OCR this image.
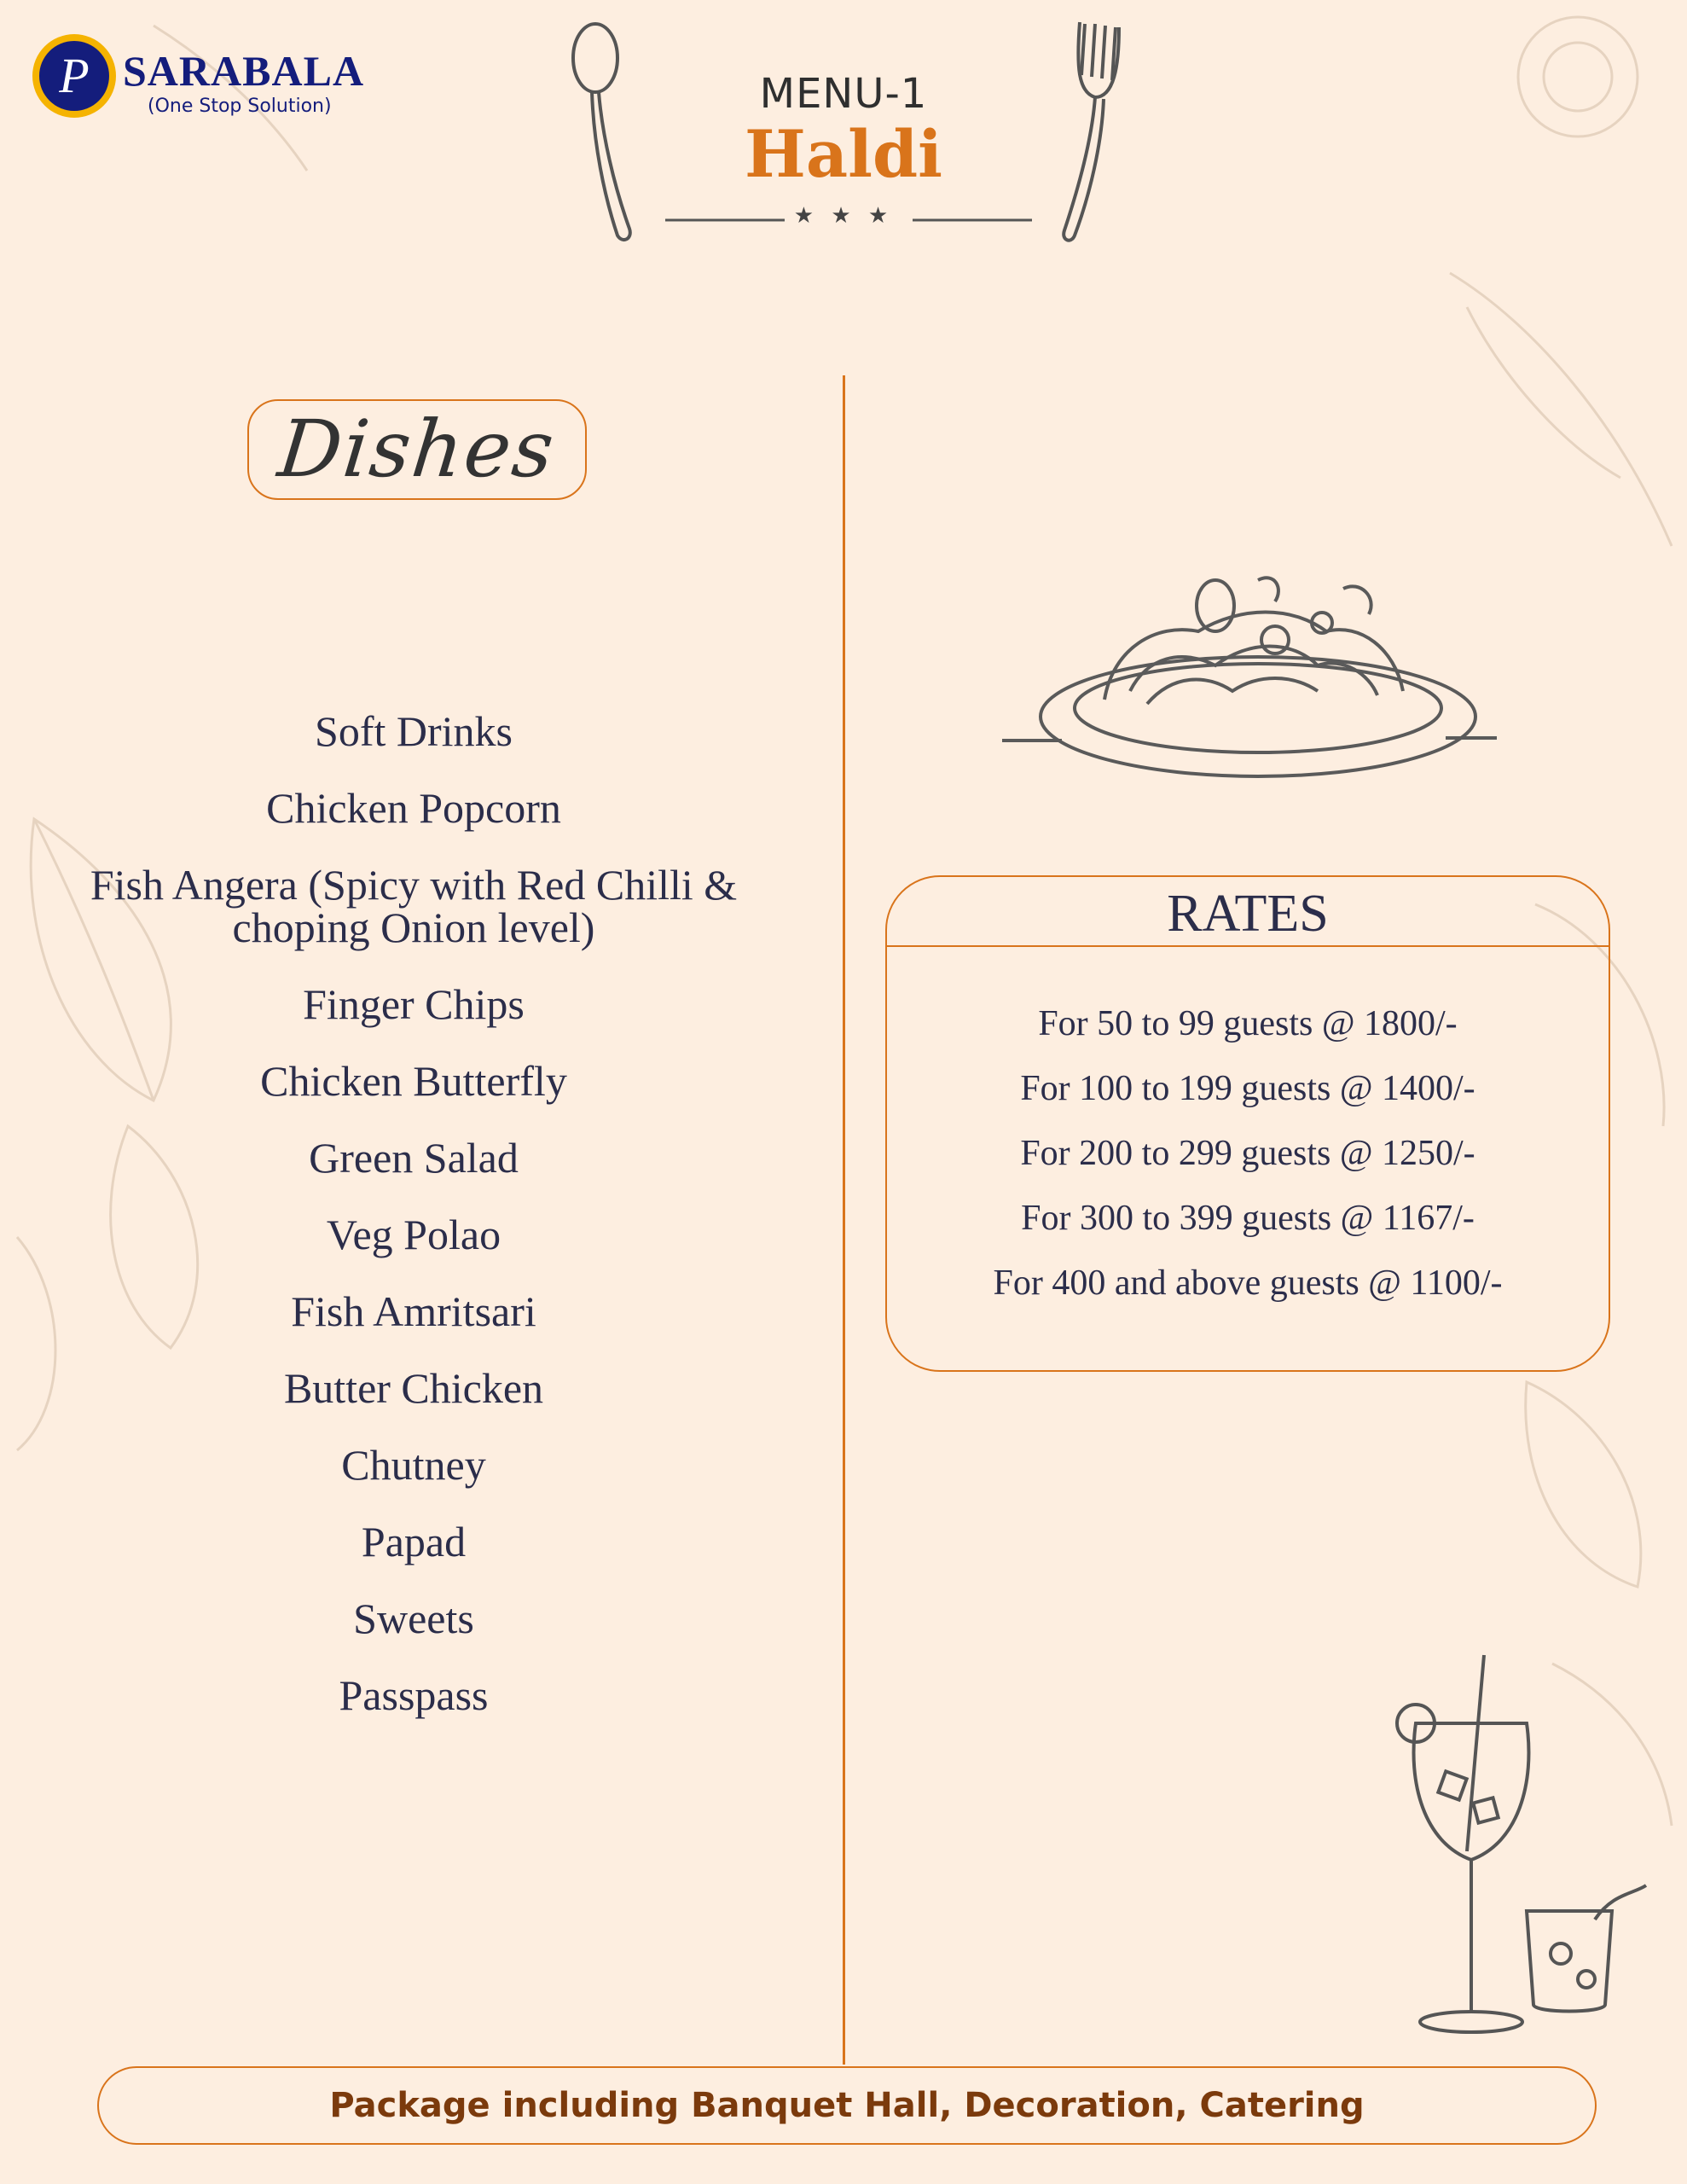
P SARABALA
(One Stop Solution)	MENU-1
Haldi
★ ★ ★
Dishes
Soft Drinks
Chicken Popcorn
Fish Angera (Spicy with Red Chilli &
choping Onion level)
Finger Chips
Chicken Butterfly
Green Salad
Veg Polao
Fish Amritsari
Butter Chicken
Chutney
Papad
Sweets
Passpass
RATES
For 50 to 99 guests @ 1800/-
For 100 to 199 guests @ 1400/-
For 200 to 299 guests @ 1250/-
For 300 to 399 guests @ 1167/-
For 400 and above guests @ 1100/-
Package including Banquet Hall, Decoration, Catering
